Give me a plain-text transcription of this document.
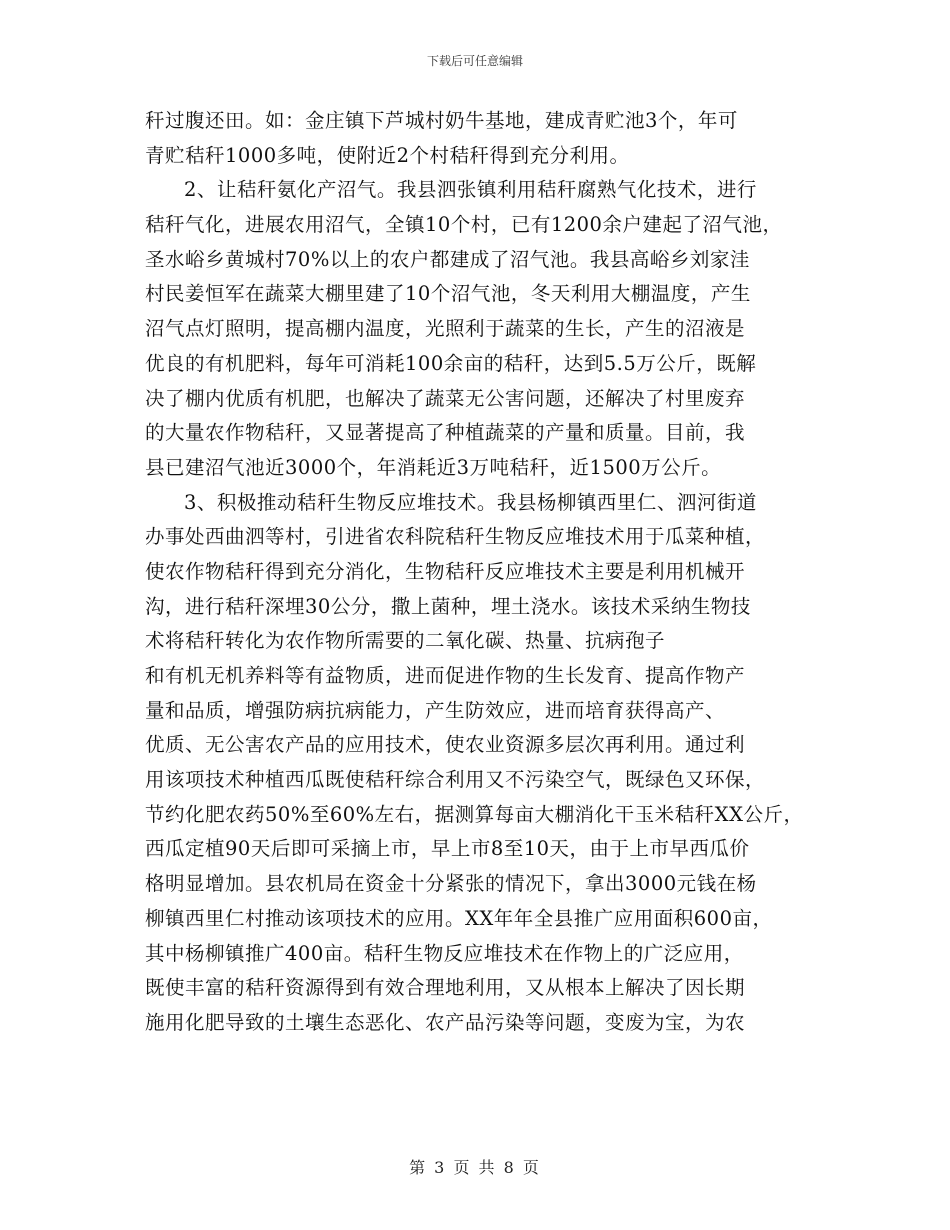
下载后可任意编辑
秆过腹还田。如：金庄镇下芦城村奶牛基地，建成青贮池3个，年可
青贮秸秆1000多吨，使附近2个村秸秆得到充分利用。
2、让秸秆氨化产沼气。我县泗张镇利用秸秆腐熟气化技术，进行
秸秆气化，进展农用沼气，全镇10个村，已有1200余户建起了沼气池，
圣水峪乡黄城村70%以上的农户都建成了沼气池。我县高峪乡刘家洼
村民姜恒军在蔬菜大棚里建了10个沼气池，冬天利用大棚温度，产生
沼气点灯照明，提高棚内温度，光照利于蔬菜的生长，产生的沼液是
优良的有机肥料，每年可消耗100余亩的秸秆，达到5.5万公斤，既解
决了棚内优质有机肥，也解决了蔬菜无公害问题，还解决了村里废弃
的大量农作物秸秆，又显著提高了种植蔬菜的产量和质量。目前，我
县已建沼气池近3000个，年消耗近3万吨秸秆，近1500万公斤。
3、积极推动秸秆生物反应堆技术。我县杨柳镇西里仁、泗河街道
办事处西曲泗等村，引进省农科院秸秆生物反应堆技术用于瓜菜种植，
使农作物秸秆得到充分消化，生物秸秆反应堆技术主要是利用机械开
沟，进行秸秆深埋30公分，撒上菌种，埋土浇水。该技术采纳生物技
术将秸秆转化为农作物所需要的二氧化碳、热量、抗病孢子
和有机无机养料等有益物质，进而促进作物的生长发育、提高作物产
量和品质，增强防病抗病能力，产生防效应，进而培育获得高产、
优质、无公害农产品的应用技术，使农业资源多层次再利用。通过利
用该项技术种植西瓜既使秸秆综合利用又不污染空气，既绿色又环保，
节约化肥农药50%至60%左右，据测算每亩大棚消化干玉米秸秆XX公斤，
西瓜定植90天后即可采摘上市，早上市8至10天，由于上市早西瓜价
格明显增加。县农机局在资金十分紧张的情况下，拿出3000元钱在杨
柳镇西里仁村推动该项技术的应用。XX年年全县推广应用面积600亩，
其中杨柳镇推广400亩。秸秆生物反应堆技术在作物上的广泛应用，
既使丰富的秸秆资源得到有效合理地利用，又从根本上解决了因长期
施用化肥导致的土壤生态恶化、农产品污染等问题，变废为宝，为农
第 3 页 共 8 页
